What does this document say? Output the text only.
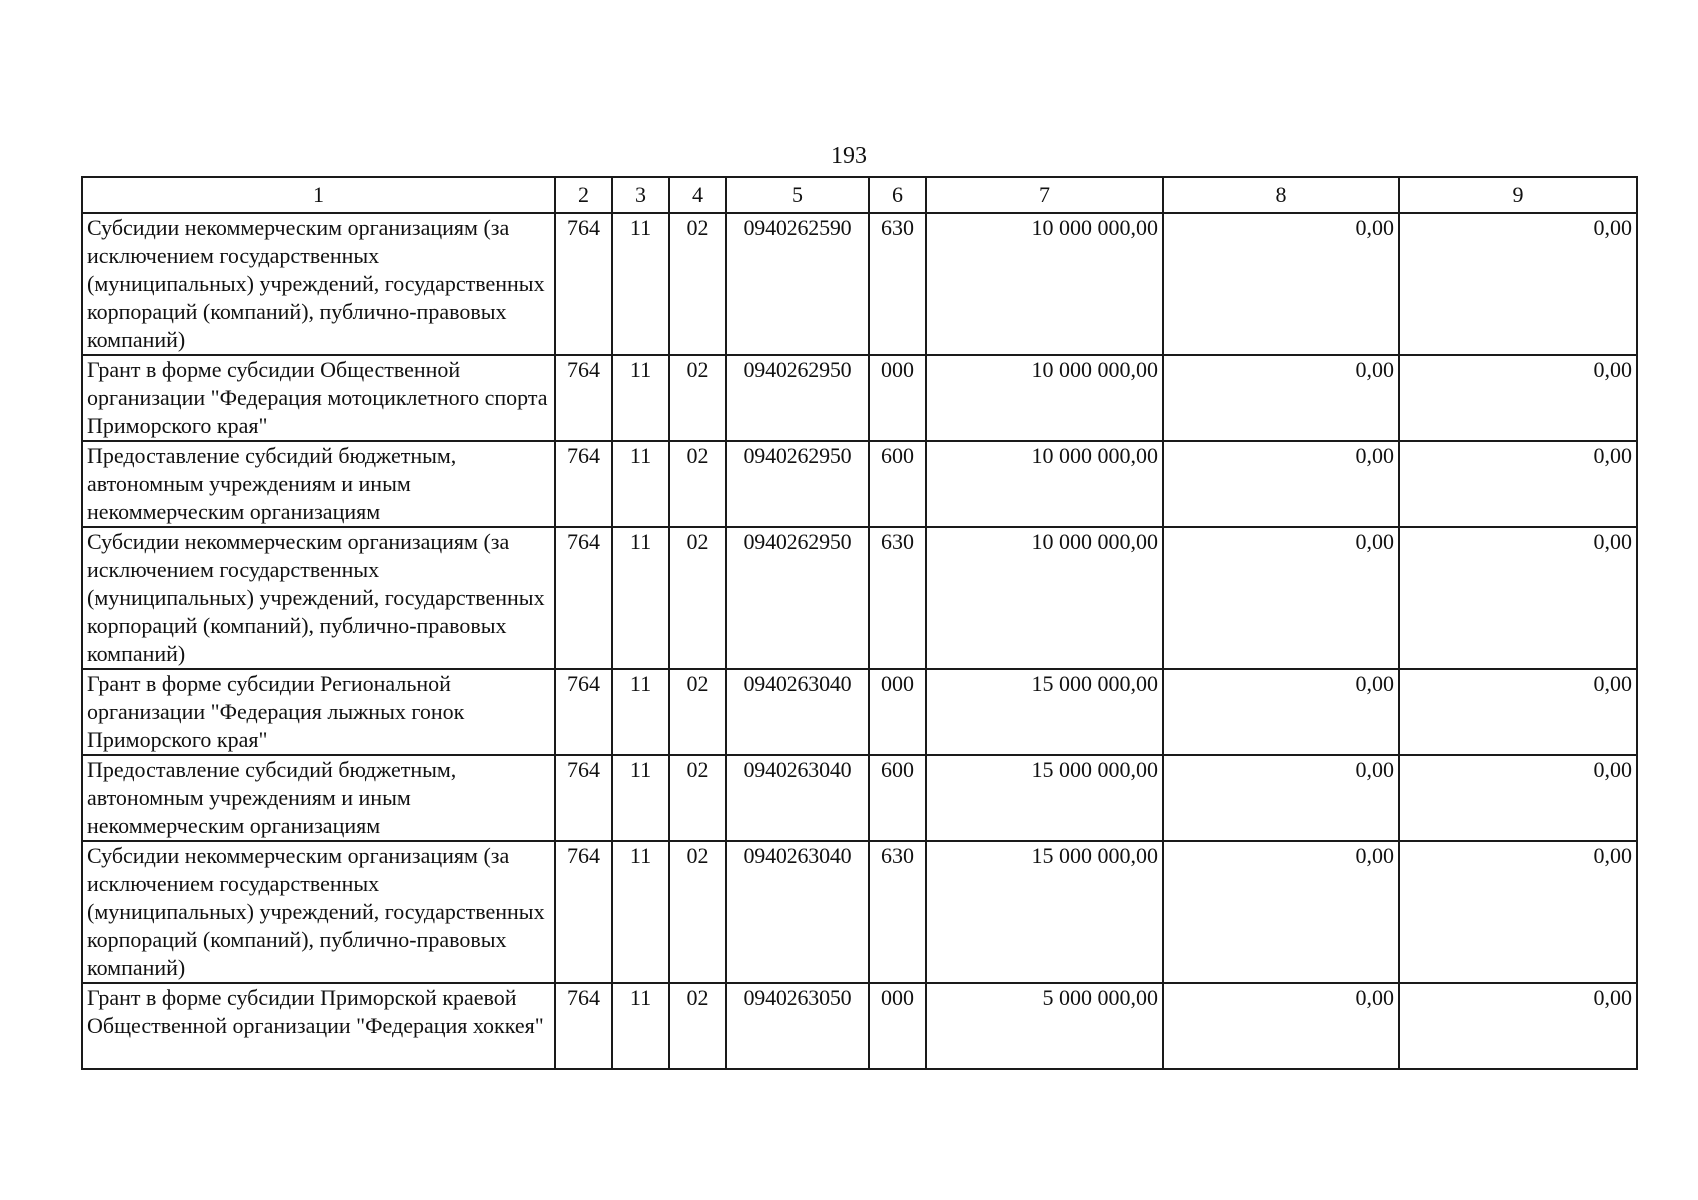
193
1	2	3	4	5	6	7	8	9
Субсидии некоммерческим организациям (за исключением государственных (муниципальных) учреждений, государственных корпораций (компаний), публично-правовых компаний)	764	11	02	0940262590	630	10 000 000,00	0,00	0,00
Грант в форме субсидии Общественной организации "Федерация мотоциклетного спорта Приморского края"	764	11	02	0940262950	000	10 000 000,00	0,00	0,00
Предоставление субсидий бюджетным, автономным учреждениям и иным некоммерческим организациям	764	11	02	0940262950	600	10 000 000,00	0,00	0,00
Субсидии некоммерческим организациям (за исключением государственных (муниципальных) учреждений, государственных корпораций (компаний), публично-правовых компаний)	764	11	02	0940262950	630	10 000 000,00	0,00	0,00
Грант в форме субсидии Региональной организации "Федерация лыжных гонок Приморского края"	764	11	02	0940263040	000	15 000 000,00	0,00	0,00
Предоставление субсидий бюджетным, автономным учреждениям и иным некоммерческим организациям	764	11	02	0940263040	600	15 000 000,00	0,00	0,00
Субсидии некоммерческим организациям (за исключением государственных (муниципальных) учреждений, государственных корпораций (компаний), публично-правовых компаний)	764	11	02	0940263040	630	15 000 000,00	0,00	0,00
Грант в форме субсидии Приморской краевой Общественной организации "Федерация хоккея"	764	11	02	0940263050	000	5 000 000,00	0,00	0,00
